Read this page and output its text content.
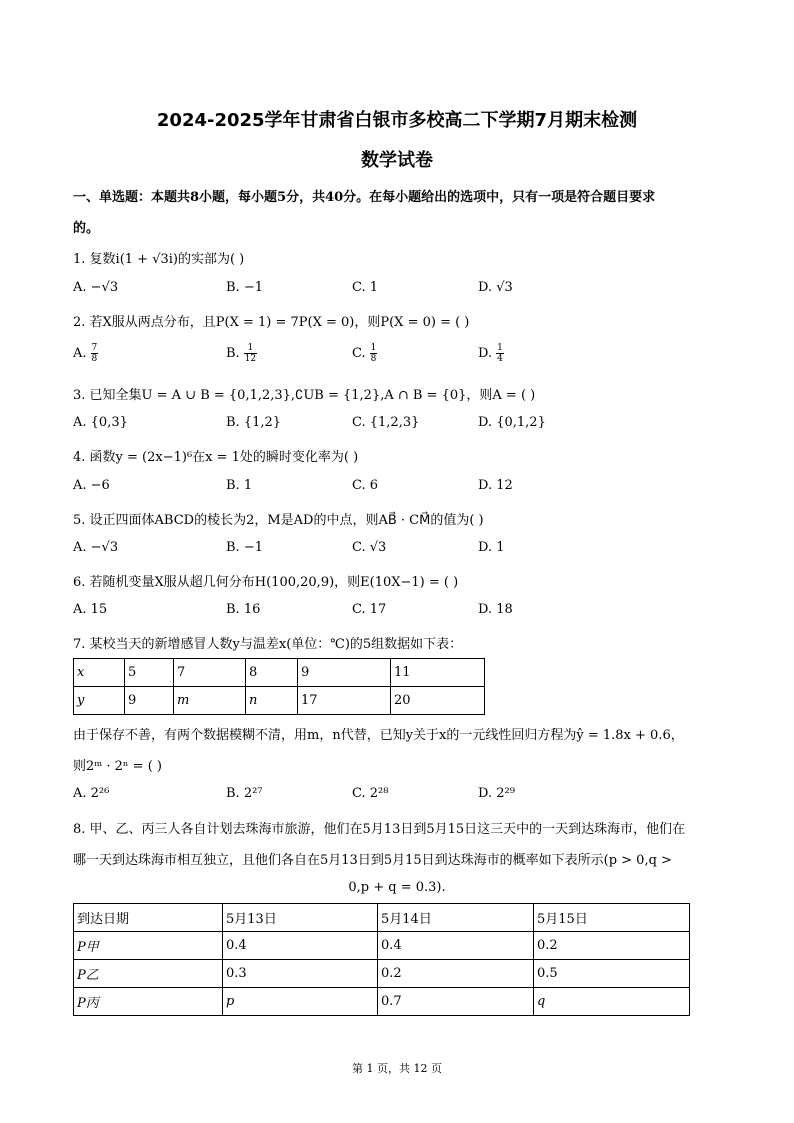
2024-2025学年甘肃省白银市多校高二下学期7月期末检测
数学试卷
一、单选题：本题共8小题，每小题5分，共40分。在每小题给出的选项中，只有一项是符合题目要求
的。
1. 复数i(1 + √3i)的实部为( )
A. −√3	B. −1	C. 1	D. √3
2. 若X服从两点分布，且P(X = 1) = 7P(X = 0)，则P(X = 0) = ( )
A. $\frac{7}{8}$	B. $\frac{1}{12}$	C. $\frac{1}{8}$	D. $\frac{1}{4}$
3. 已知全集U = A ∪ B = {0,1,2,3},∁UB = {1,2},A ∩ B = {0}，则A = ( )
A. {0,3}	B. {1,2}	C. {1,2,3}	D. {0,1,2}
4. 函数y = (2x−1)⁶在x = 1处的瞬时变化率为( )
A. −6	B. 1	C. 6	D. 12
5. 设正四面体ABCD的棱长为2，M是AD的中点，则AB⃗ · CM⃗的值为( )
A. −√3	B. −1	C. √3	D. 1
6. 若随机变量X服从超几何分布H(100,20,9)，则E(10X−1) = ( )
A. 15	B. 16	C. 17	D. 18
7. 某校当天的新增感冒人数y与温差x(单位：℃)的5组数据如下表：
x	5	7	8	9	11
y	9	m	n	17	20
由于保存不善，有两个数据模糊不清，用m，n代替，已知y关于x的一元线性回归方程为ŷ = 1.8x + 0.6，
则2ᵐ · 2ⁿ = ( )
A. 2²⁶	B. 2²⁷	C. 2²⁸	D. 2²⁹
8. 甲、乙、丙三人各自计划去珠海市旅游，他们在5月13日到5月15日这三天中的一天到达珠海市，他们在
哪一天到达珠海市相互独立，且他们各自在5月13日到5月15日到达珠海市的概率如下表所示(p > 0,q >
0,p + q = 0.3).
到达日期	5月13日	5月14日	5月15日
P甲	0.4	0.4	0.2
P乙	0.3	0.2	0.5
P丙	p	0.7	q
第 1 页，共 12 页
